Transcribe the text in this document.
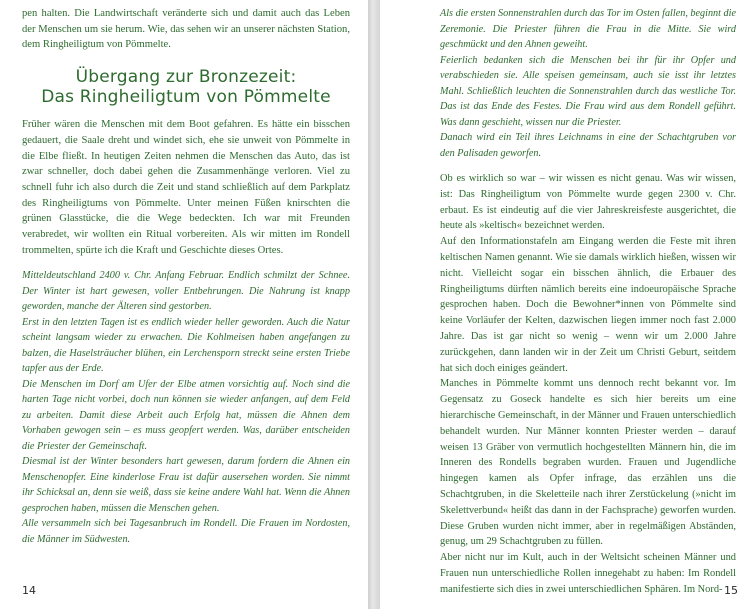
pen halten. Die Landwirtschaft veränderte sich und damit auch das Leben der Menschen um sie herum. Wie, das sehen wir an unserer nächsten Station, dem Ringheiligtum von Pömmelte.

Übergang zur Bronzezeit:
Das Ringheiligtum von Pömmelte

Früher wären die Menschen mit dem Boot gefahren. Es hätte ein bisschen gedauert, die Saale dreht und windet sich, ehe sie unweit von Pömmelte in die Elbe fließt. In heutigen Zeiten nehmen die Menschen das Auto, das ist zwar schneller, doch dabei gehen die Zusammenhänge verloren. Viel zu schnell fuhr ich also durch die Zeit und stand schließlich auf dem Parkplatz des Ringheiligtums von Pömmelte. Unter meinen Füßen knirschten die grünen Glasstücke, die die Wege bedeckten. Ich war mit Freunden verabredet, wir wollten ein Ritual vorbereiten. Als wir mitten im Rondell trommelten, spürte ich die Kraft und Geschichte dieses Ortes.

Mitteldeutschland 2400 v. Chr. Anfang Februar. Endlich schmilzt der Schnee. Der Winter ist hart gewesen, voller Entbehrungen. Die Nahrung ist knapp geworden, manche der Älteren sind gestorben.

Erst in den letzten Tagen ist es endlich wieder heller geworden. Auch die Natur scheint langsam wieder zu erwachen. Die Kohlmeisen haben angefangen zu balzen, die Haselsträucher blühen, ein Lerchensporn streckt seine ersten Triebe tapfer aus der Erde.

Die Menschen im Dorf am Ufer der Elbe atmen vorsichtig auf. Noch sind die harten Tage nicht vorbei, doch nun können sie wieder anfangen, auf dem Feld zu arbeiten. Damit diese Arbeit auch Erfolg hat, müssen die Ahnen dem Vorhaben gewogen sein – es muss geopfert werden. Was, darüber entscheiden die Priester der Gemeinschaft.

Diesmal ist der Winter besonders hart gewesen, darum fordern die Ahnen ein Menschenopfer. Eine kinderlose Frau ist dafür ausersehen worden. Sie nimmt ihr Schicksal an, denn sie weiß, dass sie keine andere Wahl hat. Wenn die Ahnen gesprochen haben, müssen die Menschen gehen.

Alle versammeln sich bei Tagesanbruch im Rondell. Die Frauen im Nordosten, die Männer im Südwesten.

14

Als die ersten Sonnenstrahlen durch das Tor im Osten fallen, beginnt die Zeremonie. Die Priester führen die Frau in die Mitte. Sie wird geschmückt und den Ahnen geweiht.

Feierlich bedanken sich die Menschen bei ihr für ihr Opfer und verabschieden sie. Alle speisen gemeinsam, auch sie isst ihr letztes Mahl. Schließlich leuchten die Sonnenstrahlen durch das westliche Tor. Das ist das Ende des Festes. Die Frau wird aus dem Rondell geführt. Was dann geschieht, wissen nur die Priester.

Danach wird ein Teil ihres Leichnams in eine der Schachtgruben vor den Palisaden geworfen.

Ob es wirklich so war – wir wissen es nicht genau. Was wir wissen, ist: Das Ringheiligtum von Pömmelte wurde gegen 2300 v. Chr. erbaut. Es ist eindeutig auf die vier Jahreskreisfeste ausgerichtet, die heute als »keltisch« bezeichnet werden.

Auf den Informationstafeln am Eingang werden die Feste mit ihren keltischen Namen genannt. Wie sie damals wirklich hießen, wissen wir nicht. Vielleicht sogar ein bisschen ähnlich, die Erbauer des Ringheiligtums dürften nämlich bereits eine indoeuropäische Sprache gesprochen haben. Doch die Bewohner*innen von Pömmelte sind keine Vorläufer der Kelten, dazwischen liegen immer noch fast 2.000 Jahre. Das ist gar nicht so wenig – wenn wir um 2.000 Jahre zurückgehen, dann landen wir in der Zeit um Christi Geburt, seitdem hat sich doch einiges geändert.

Manches in Pömmelte kommt uns dennoch recht bekannt vor. Im Gegensatz zu Goseck handelte es sich hier bereits um eine hierarchische Gemeinschaft, in der Männer und Frauen unterschiedlich behandelt wurden. Nur Männer konnten Priester werden – darauf weisen 13 Gräber von vermutlich hochgestellten Männern hin, die im Inneren des Rondells begraben wurden. Frauen und Jugendliche hingegen kamen als Opfer infrage, das erzählen uns die Schachtgruben, in die Skeletteile nach ihrer Zerstückelung (»nicht im Skelettverbund« heißt das dann in der Fachsprache) geworfen wurden. Diese Gruben wurden nicht immer, aber in regelmäßigen Abständen, genug, um 29 Schachtgruben zu füllen.

Aber nicht nur im Kult, auch in der Weltsicht scheinen Männer und Frauen nun unterschiedliche Rollen innegehabt zu haben: Im Rondell manifestierte sich dies in zwei unterschiedlichen Sphären. Im Nord- 15
